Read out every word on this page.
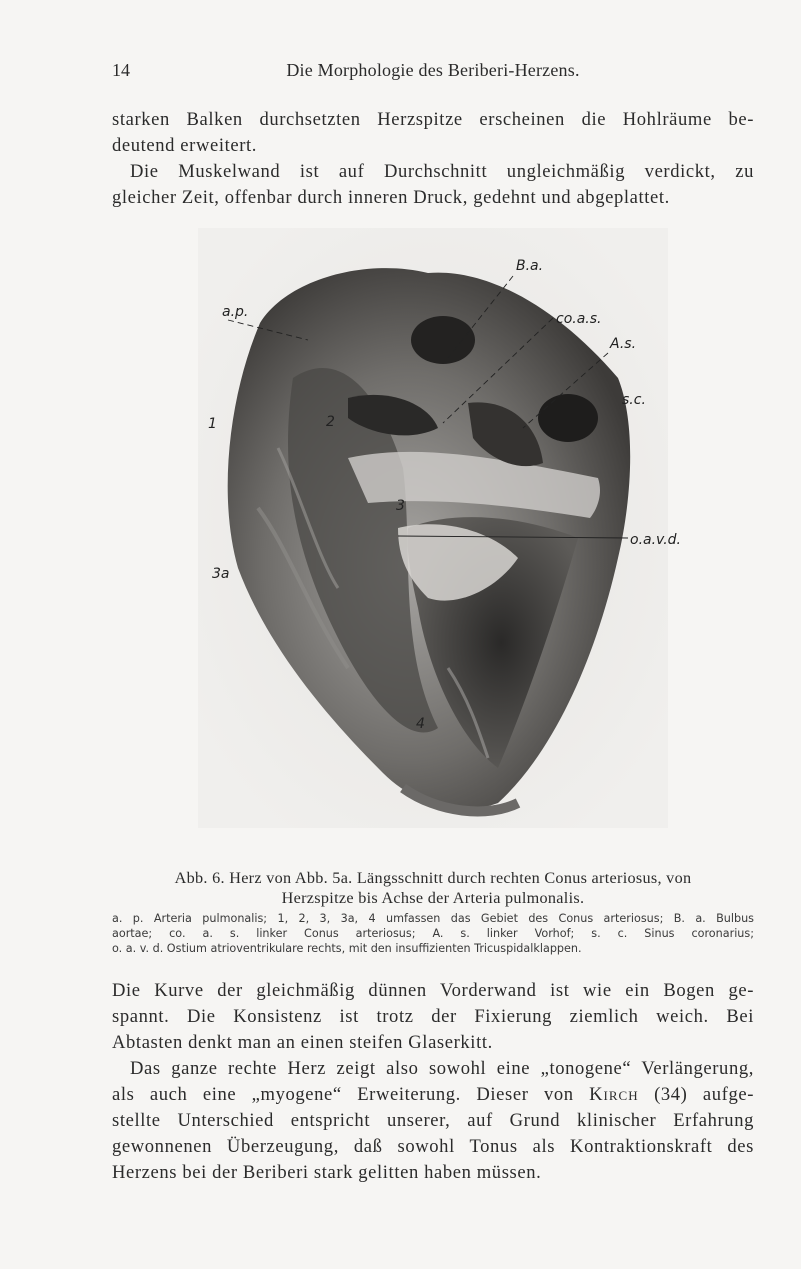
14	Die Morphologie des Beriberi-Herzens.

starken Balken durchsetzten Herzspitze erscheinen die Hohlräume be-
deutend erweitert.
Die Muskelwand ist auf Durchschnitt ungleichmäßig verdickt, zu
gleicher Zeit, offenbar durch inneren Druck, gedehnt und abgeplattet.

B.a.
a.p.	co.a.s.
A.s.
s.c.
1	2
3
3a
o.a.v.d.
4
Abb. 6. Herz von Abb. 5a. Längsschnitt durch rechten Conus arteriosus, von
Herzspitze bis Achse der Arteria pulmonalis.
a. p. Arteria pulmonalis; 1, 2, 3, 3a, 4 umfassen das Gebiet des Conus arteriosus; B. a. Bulbus
aortae; co. a. s. linker Conus arteriosus; A. s. linker Vorhof; s. c. Sinus coronarius;
o. a. v. d. Ostium atrioventrikulare rechts, mit den insuffizienten Tricuspidalklappen.

Die Kurve der gleichmäßig dünnen Vorderwand ist wie ein Bogen ge-
spannt. Die Konsistenz ist trotz der Fixierung ziemlich weich. Bei
Abtasten denkt man an einen steifen Glaserkitt.
Das ganze rechte Herz zeigt also sowohl eine „tonogene“ Verlängerung,
als auch eine „myogene“ Erweiterung. Dieser von Kirch (34) aufge-
stellte Unterschied entspricht unserer, auf Grund klinischer Erfahrung
gewonnenen Überzeugung, daß sowohl Tonus als Kontraktionskraft des
Herzens bei der Beriberi stark gelitten haben müssen.
